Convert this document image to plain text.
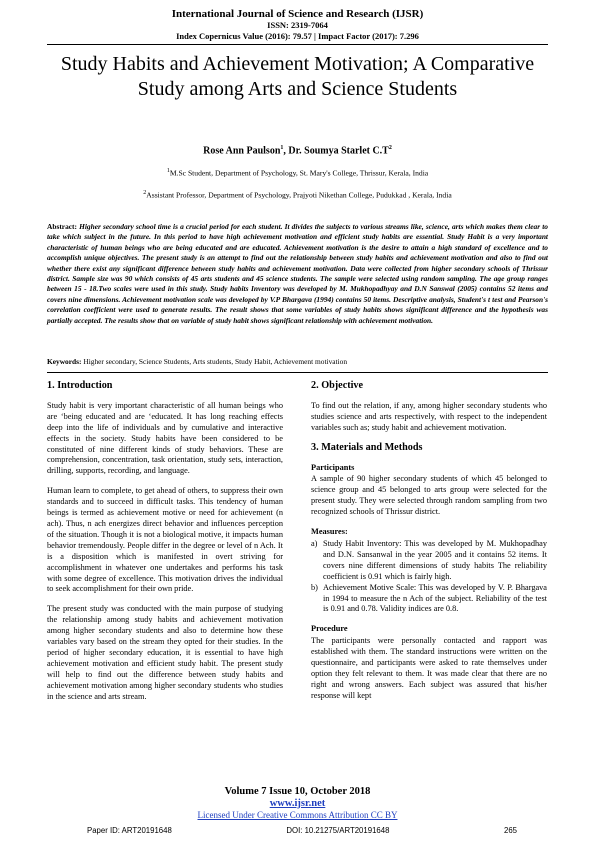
International Journal of Science and Research (IJSR)
ISSN: 2319-7064
Index Copernicus Value (2016): 79.57 | Impact Factor (2017): 7.296
Study Habits and Achievement Motivation; A Comparative Study among Arts and Science Students
Rose Ann Paulson$^1$, Dr. Soumya Starlet $C.T^2$
$^1$M.Sc Student, Department of Psychology, St. Mary's College, Thrissur, Kerala, India
$^2$Assistant Professor, Department of Psychology, Prajyoti Nikethan College, Pudukkad , Kerala, India
Abstract: Higher secondary school time is a crucial period for each student. It divides the subjects to various streams like, science, arts which makes them clear to take which subject in the future. In this period to have high achievement motivation and efficient study habits are essential. Study Habit is a very important characteristic of human beings who are being educated and are educated. Achievement motivation is the desire to attain a high standard of excellence and to accomplish unique objectives. The present study is an attempt to find out the relationship between study habits and achievement motivation and also to find out whether there exist any significant difference between study habits and achievement motivation. Data were collected from higher secondary schools of Thrissur district. Sample size was 90 which consists of 45 arts students and 45 science students. The sample were selected using random sampling. The age group ranges between 15 - 18.Two scales were used in this study. Study habits Inventory was developed by M. Mukhopadhyay and D.N Sanswal (2005) contains 52 items and covers nine dimensions. Achievement motivation scale was developed by V.P Bhargava (1994) contains 50 items. Descriptive analysis, Student's t test and Pearson's correlation coefficient were used to generate results. The result shows that some variables of study habits shows significant difference and the hypothesis was partially accepted. The results show that on variable of study habit shows significant relationship with achievement motivation.
Keywords: Higher secondary, Science Students, Arts students, Study Habit, Achievement motivation
1. Introduction

Study habit is very important characteristic of all human beings who are ‘being educated and are ‘educated. It has long reaching effects deep into the life of individuals and by cumulative and interactive effects in the society. Study habits have been considered to be constituted of nine different kinds of study behaviors. These are comprehension, concentration, task orientation, study sets, interaction, drilling, supports, recording, and language.

Human learn to complete, to get ahead of others, to suppress their own standards and to succeed in difficult tasks. This tendency of human beings is termed as achievement motive or need for achievement (n ach). Thus, n ach energizes direct behavior and influences perception of the situation. Though it is not a biological motive, it impacts human behavior tremendously. People differ in the degree or level of n Ach. It is a disposition which is manifested in overt striving for accomplishment in whatever one undertakes and performs his task with some degree of excellence. This motivation drives the individual to seek accomplishment for their own pride.

The present study was conducted with the main purpose of studying the relationship among study habits and achievement motivation among higher secondary students and also to determine how these variables vary based on the stream they opted for their studies. In the period of higher secondary education, it is essential to have high achievement motivation and efficient study habit. The present study will help to find out the difference between study habits and achievement motivation among higher secondary students who studies in the science and arts stream.

2. Objective

To find out the relation, if any, among higher secondary students who studies science and arts respectively, with respect to the independent variables such as; study habit and achievement motivation.

3. Materials and Methods
Participants

A sample of 90 higher secondary students of which 45 belonged to science group and 45 belonged to arts group were selected for the present study. They were selected through random sampling from two recognized schools of Thrissur district.

Measures:
a) Study Habit Inventory: This was developed by M. Mukhopadhay and D.N. Sansanwal in the year 2005 and it contains 52 items. It covers nine different dimensions of study habits The reliability coefficient is 0.91 which is fairly high.
b) Achievement Motive Scale: This was developed by V. P. Bhargava in 1994 to measure the n Ach of the subject. Reliability of the test is 0.91 and 0.78. Validity indices are 0.8.
Procedure

The participants were personally contacted and rapport was established with them. The standard instructions were written on the questionnaire, and participants were asked to rate themselves under option they felt relevant to them. It was made clear that there are no right and wrong answers. Each subject was assured that his/her response will kept

Volume 7 Issue 10, October 2018
www.ijsr.net
Licensed Under Creative Commons Attribution CC BY
Paper ID: ART20191648	DOI: 10.21275/ART20191648	265
